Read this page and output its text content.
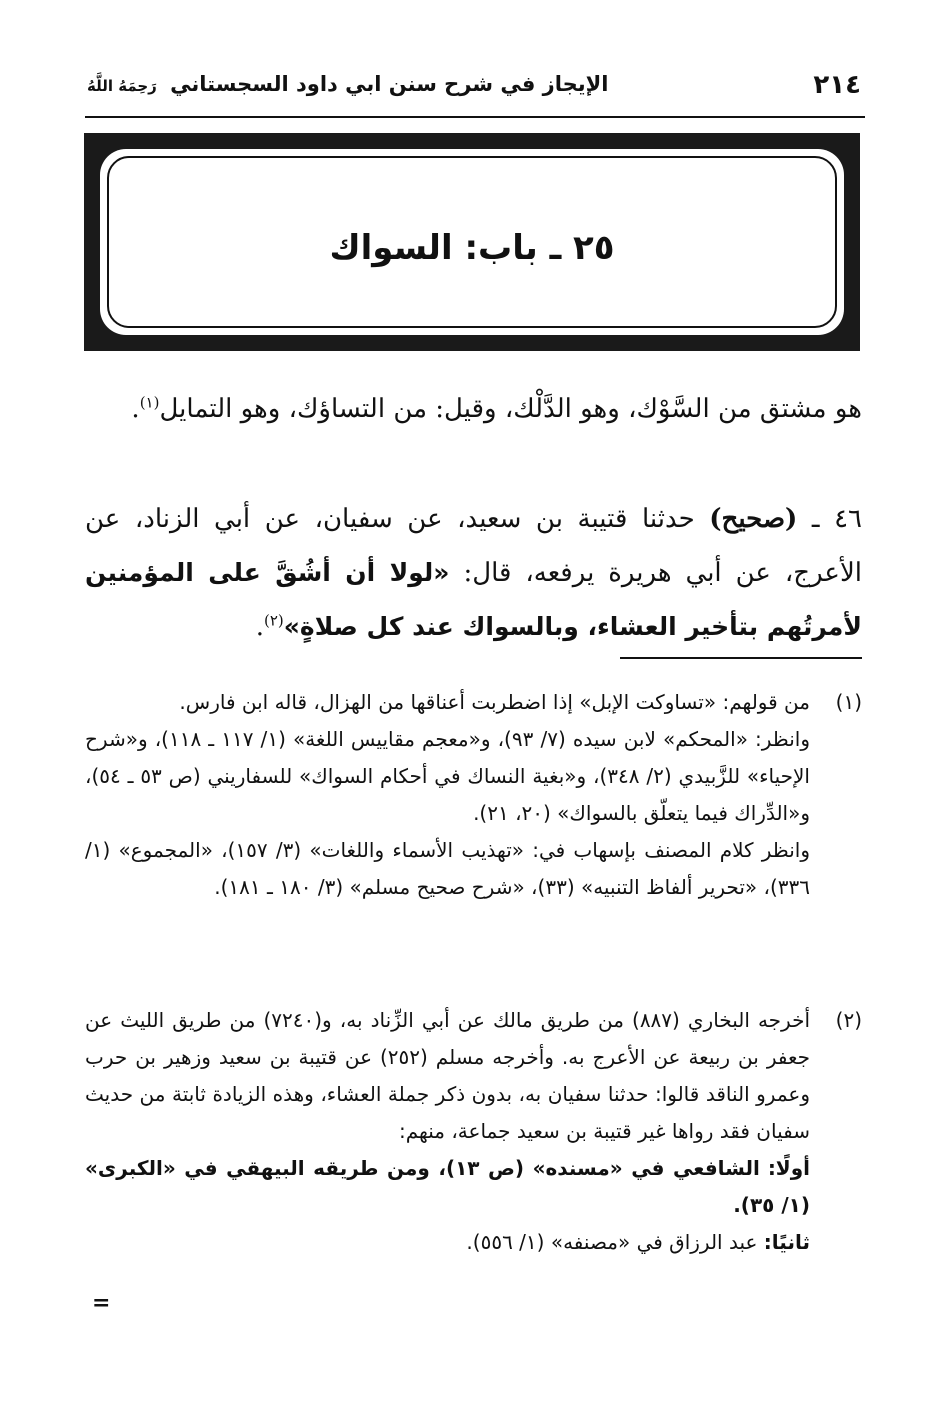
٢١٤
الإيجاز في شرح سنن ابي داود السجستاني رَحِمَهُ اللَّهُ
٢٥ ـ باب: السواك
هو مشتق من السَّوْك، وهو الدَّلْك، وقيل: من التساؤك، وهو التمايل$^{(١)}$.
٤٦ ـ (صحيح) حدثنا قتيبة بن سعيد، عن سفيان، عن أبي الزناد، عن الأعرج، عن أبي هريرة يرفعه، قال: «لولا أن أشُقَّ على المؤمنين لأمرتُهم بتأخير العشاء، وبالسواك عند كل صلاةٍ»$^{(٢)}$.
(١)
من قولهم: «تساوكت الإبل» إذا اضطربت أعناقها من الهزال، قاله ابن فارس.
وانظر: «المحكم» لابن سيده (٧/ ٩٣)، و«معجم مقاييس اللغة» (١/ ١١٧ ـ ١١٨)، و«شرح الإحياء» للزَّبيدي (٢/ ٣٤٨)، و«بغية النساك في أحكام السواك» للسفاريني (ص ٥٣ ـ ٥٤)، و«الدِّراك فيما يتعلّق بالسواك» (٢٠، ٢١).
وانظر كلام المصنف بإسهاب في: «تهذيب الأسماء واللغات» (٣/ ١٥٧)، «المجموع» (١/ ٣٣٦)، «تحرير ألفاظ التنبيه» (٣٣)، «شرح صحيح مسلم» (٣/ ١٨٠ ـ ١٨١).
(٢)
أخرجه البخاري (٨٨٧) من طريق مالك عن أبي الزِّناد به، و(٧٢٤٠) من طريق الليث عن جعفر بن ربيعة عن الأعرج به. وأخرجه مسلم (٢٥٢) عن قتيبة بن سعيد وزهير بن حرب وعمرو الناقد قالوا: حدثنا سفيان به، بدون ذكر جملة العشاء، وهذه الزيادة ثابتة من حديث سفيان فقد رواها غير قتيبة بن سعيد جماعة، منهم:
أولًا: الشافعي في «مسنده» (ص ١٣)، ومن طريقه البيهقي في «الكبرى» (١/ ٣٥).
ثانيًا: عبد الرزاق في «مصنفه» (١/ ٥٥٦).
=
